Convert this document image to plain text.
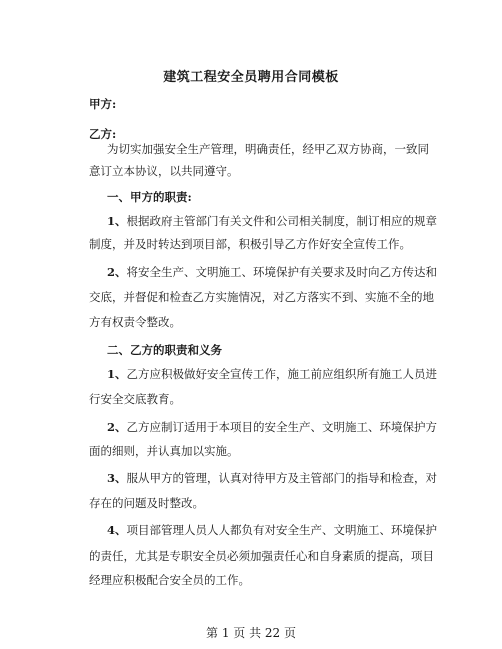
建筑工程安全员聘用合同模板
甲方:
乙方:
为切实加强安全生产管理，明确责任，经甲乙双方协商，一致同
意订立本协议，以共同遵守。
一、甲方的职责:
1、根据政府主管部门有关文件和公司相关制度，制订相应的规章
制度，并及时转达到项目部，积极引导乙方作好安全宣传工作。
2、将安全生产、文明施工、环境保护有关要求及时向乙方传达和
交底，并督促和检查乙方实施情况，对乙方落实不到、实施不全的地
方有权责令整改。
二、乙方的职责和义务
1、乙方应积极做好安全宣传工作，施工前应组织所有施工人员进
行安全交底教育。
2、乙方应制订适用于本项目的安全生产、文明施工、环境保护方
面的细则，并认真加以实施。
3、服从甲方的管理，认真对待甲方及主管部门的指导和检查，对
存在的问题及时整改。
4、项目部管理人员人人都负有对安全生产、文明施工、环境保护
的责任，尤其是专职安全员必须加强责任心和自身素质的提高，项目
经理应积极配合安全员的工作。
第 1 页 共 22 页
